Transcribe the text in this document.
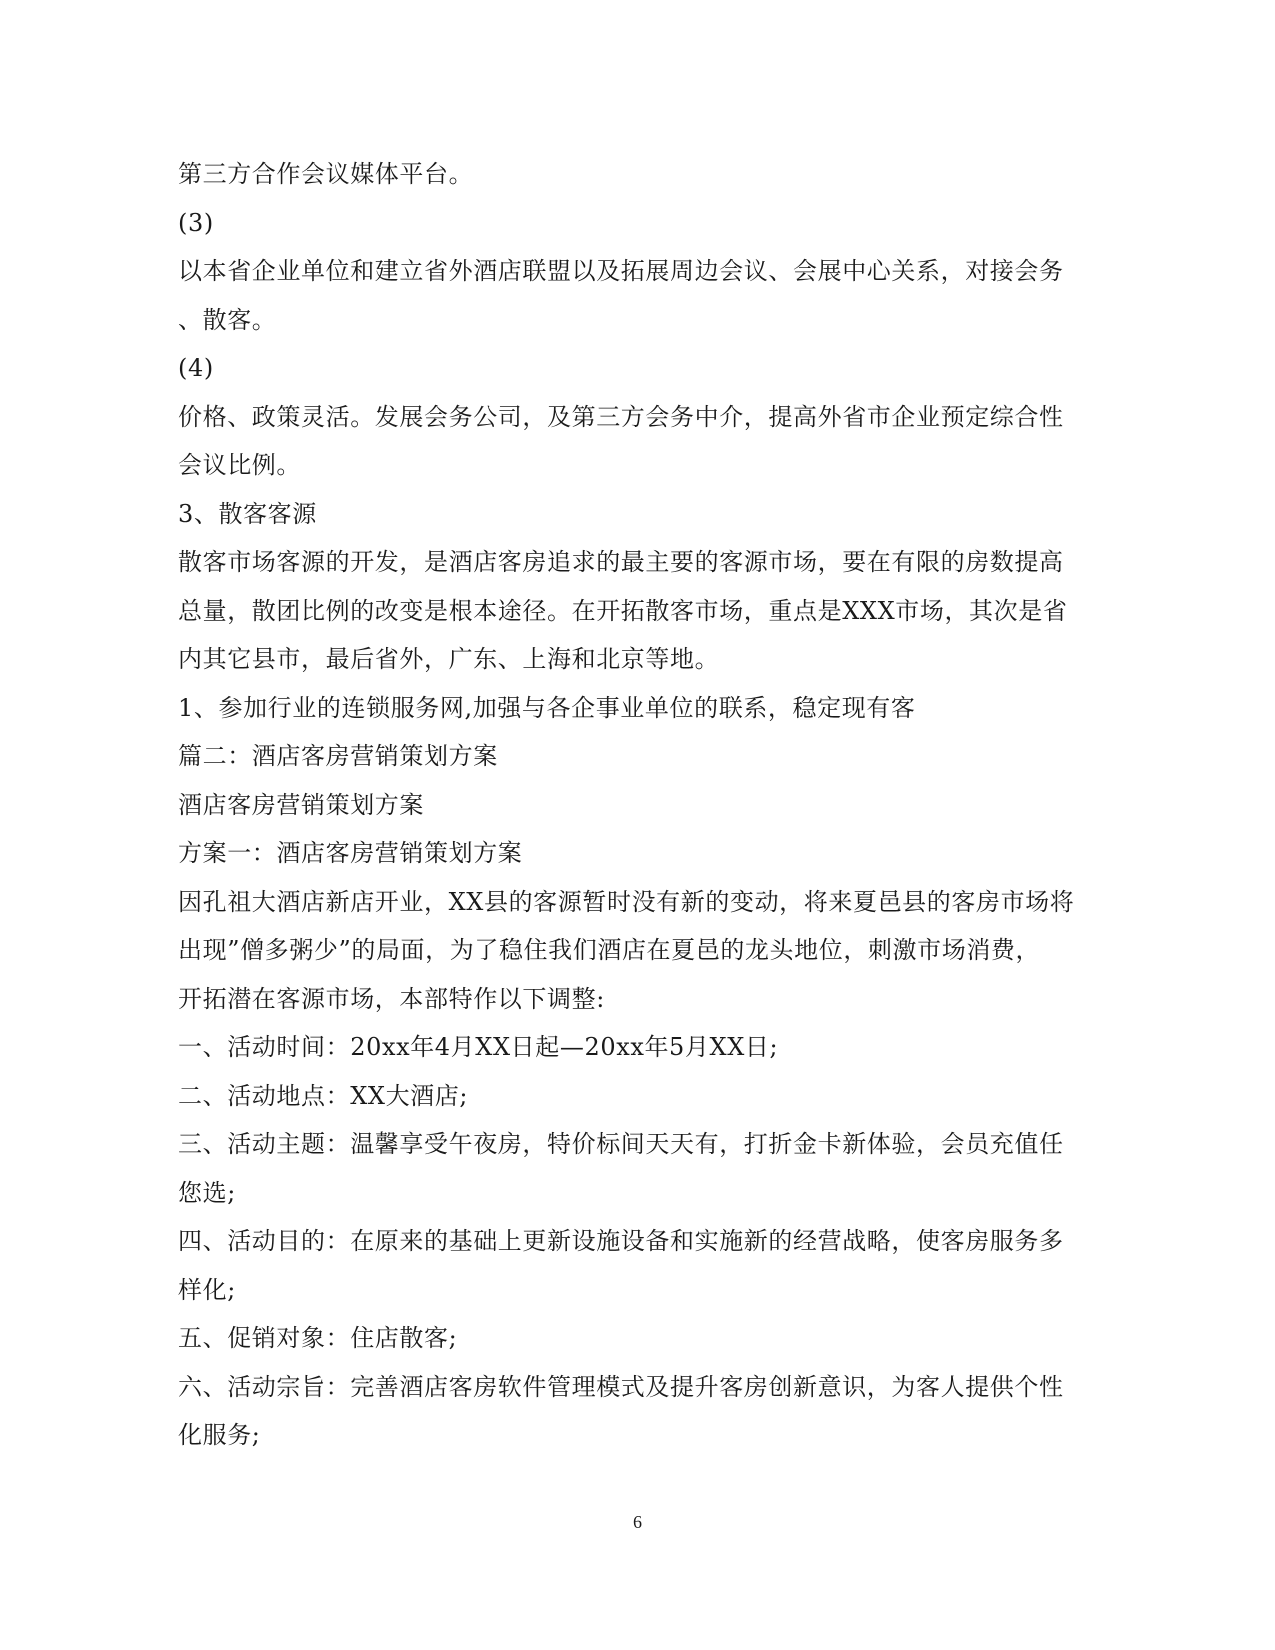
第三方合作会议媒体平台。
(3)
以本省企业单位和建立省外酒店联盟以及拓展周边会议、会展中心关系，对接会务
、散客。
(4)
价格、政策灵活。发展会务公司，及第三方会务中介，提高外省市企业预定综合性
会议比例。
3、散客客源
散客市场客源的开发，是酒店客房追求的最主要的客源市场，要在有限的房数提高
总量，散团比例的改变是根本途径。在开拓散客市场，重点是XXX市场，其次是省
内其它县市，最后省外，广东、上海和北京等地。
1、参加行业的连锁服务网,加强与各企事业单位的联系，稳定现有客
篇二：酒店客房营销策划方案
酒店客房营销策划方案
方案一：酒店客房营销策划方案
因孔祖大酒店新店开业，XX县的客源暂时没有新的变动，将来夏邑县的客房市场将
出现”僧多粥少”的局面，为了稳住我们酒店在夏邑的龙头地位，刺激市场消费，
开拓潜在客源市场，本部特作以下调整:
一、活动时间：20xx年4月XX日起—20xx年5月XX日;
二、活动地点：XX大酒店;
三、活动主题：温馨享受午夜房，特价标间天天有，打折金卡新体验，会员充值任
您选;
四、活动目的：在原来的基础上更新设施设备和实施新的经营战略，使客房服务多
样化;
五、促销对象：住店散客;
六、活动宗旨：完善酒店客房软件管理模式及提升客房创新意识，为客人提供个性
化服务;
6
